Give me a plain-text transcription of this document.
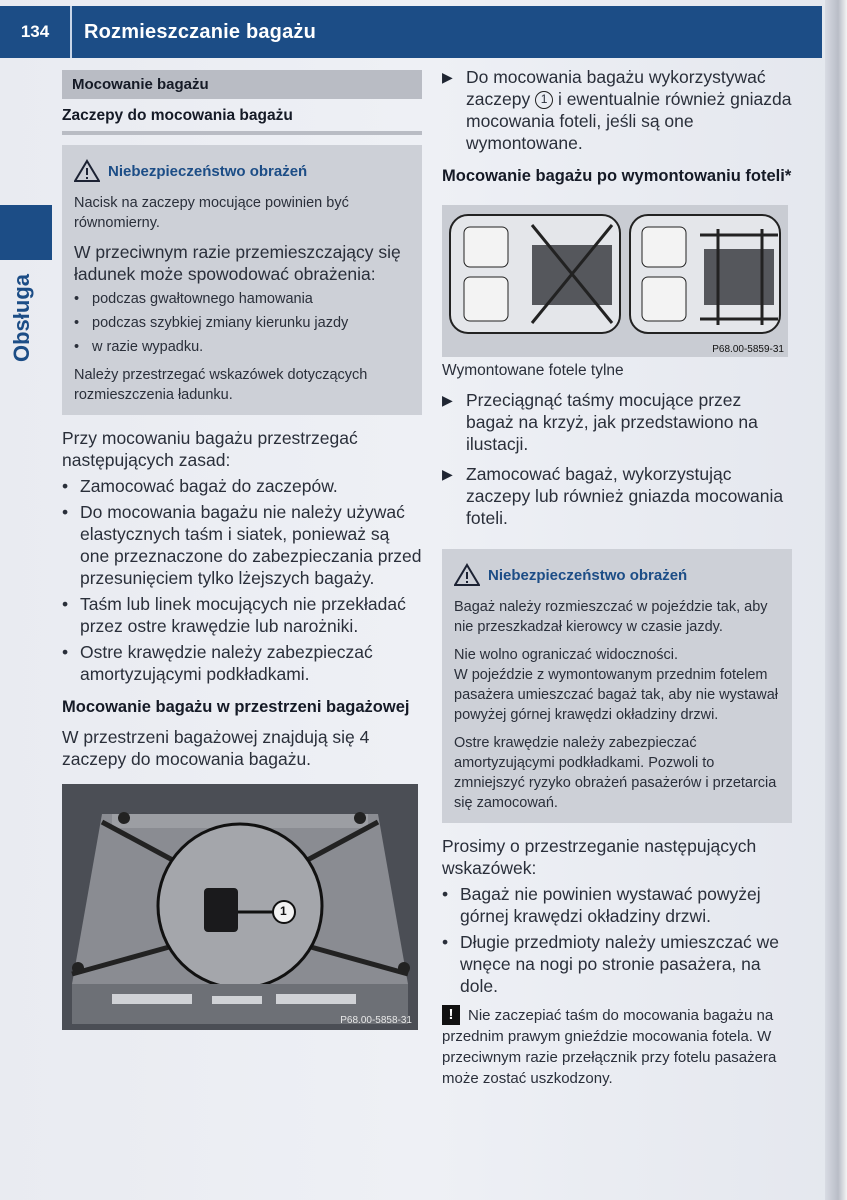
134	Rozmieszczanie bagażu
Obsługa
Mocowanie bagażu
Zaczepy do mocowania bagażu
Niebezpieczeństwo obrażeń
Nacisk na zaczepy mocujące powinien być równomierny.
W przeciwnym razie przemieszczający się ładunek może spowodować obrażenia:
• podczas gwałtownego hamowania
• podczas szybkiej zmiany kierunku jazdy
• w razie wypadku.
Należy przestrzegać wskazówek dotyczących rozmieszczenia ładunku.
Przy mocowaniu bagażu przestrzegać następujących zasad:
• Zamocować bagaż do zaczepów.
• Do mocowania bagażu nie należy używać elastycznych taśm i siatek, ponieważ są one przeznaczone do zabezpieczania przed przesunięciem tylko lżejszych bagaży.
• Taśm lub linek mocujących nie przekładać przez ostre krawędzie lub narożniki.
• Ostre krawędzie należy zabezpieczać amortyzującymi podkładkami.
Mocowanie bagażu w przestrzeni bagażowej
W przestrzeni bagażowej znajdują się 4 zaczepy do mocowania bagażu.
1
P68.00-5858-31
▶ Do mocowania bagażu wykorzystywać zaczepy 1 i ewentualnie również gniazda mocowania foteli, jeśli są one wymontowane.
Mocowanie bagażu po wymontowaniu foteli*
P68.00-5859-31
Wymontowane fotele tylne
▶ Przeciągnąć taśmy mocujące przez bagaż na krzyż, jak przedstawiono na ilustacji.
▶ Zamocować bagaż, wykorzystując zaczepy lub również gniazda mocowania foteli.
Niebezpieczeństwo obrażeń
Bagaż należy rozmieszczać w pojeździe tak, aby nie przeszkadzał kierowcy w czasie jazdy.
Nie wolno ograniczać widoczności.
W pojeździe z wymontowanym przednim fotelem pasażera umieszczać bagaż tak, aby nie wystawał powyżej górnej krawędzi okładziny drzwi.
Ostre krawędzie należy zabezpieczać amortyzującymi podkładkami. Pozwoli to zmniejszyć ryzyko obrażeń pasażerów i przetarcia się zamocowań.
Prosimy o przestrzeganie następujących wskazówek:
• Bagaż nie powinien wystawać powyżej górnej krawędzi okładziny drzwi.
• Długie przedmioty należy umieszczać we wnęce na nogi po stronie pasażera, na dole.
! Nie zaczepiać taśm do mocowania bagażu na przednim prawym gnieździe mocowania fotela. W przeciwnym razie przełącznik przy fotelu pasażera może zostać uszkodzony.
